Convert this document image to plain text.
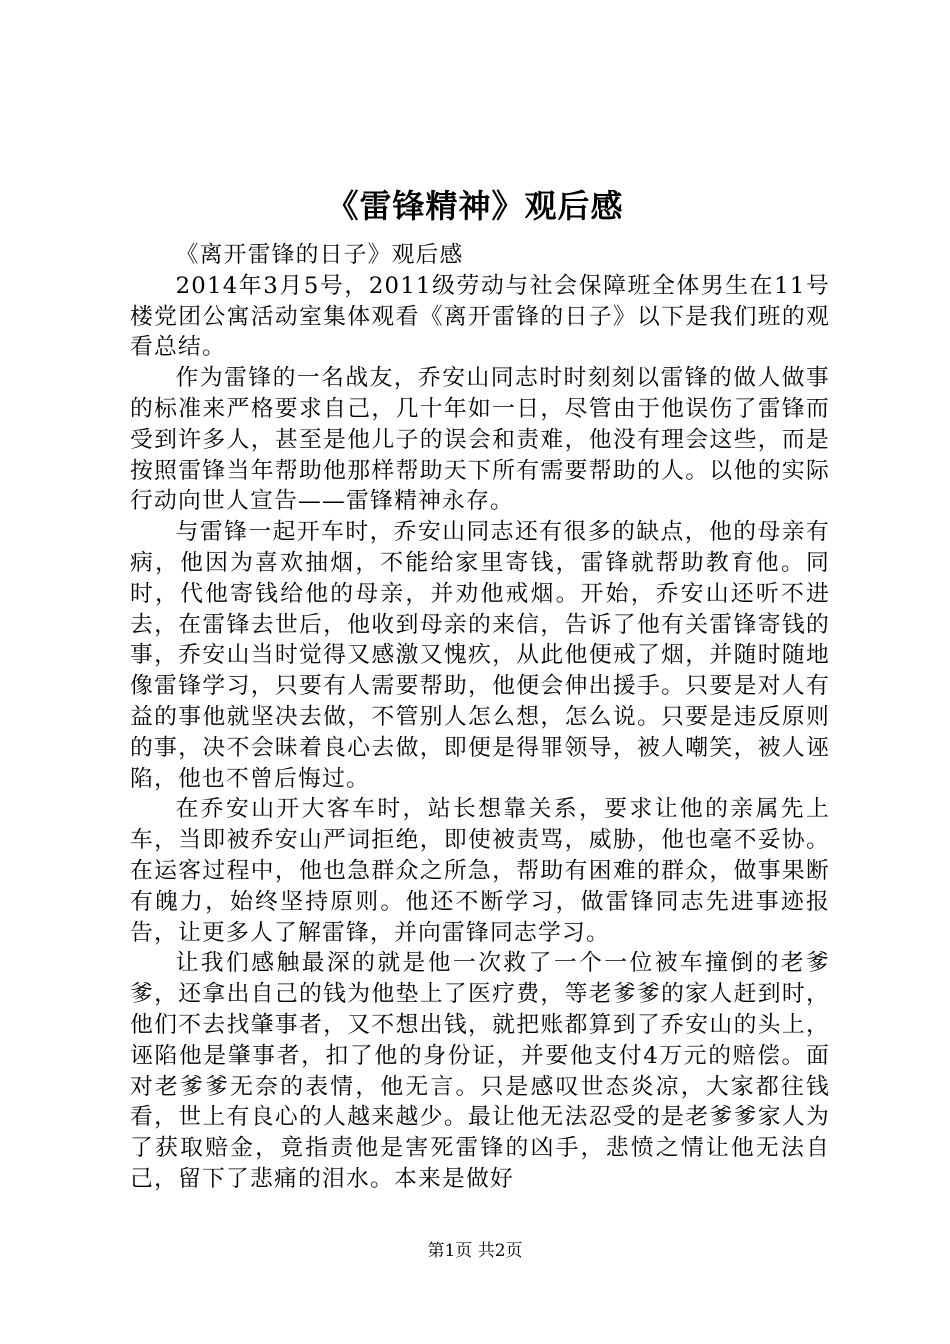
《雷锋精神》观后感

《离开雷锋的日子》观后感

2014年3月5号，2011级劳动与社会保障班全体男生在11号楼党团公寓活动室集体观看《离开雷锋的日子》以下是我们班的观看总结。

作为雷锋的一名战友，乔安山同志时时刻刻以雷锋的做人做事的标准来严格要求自己，几十年如一日，尽管由于他误伤了雷锋而受到许多人，甚至是他儿子的误会和责难，他没有理会这些，而是按照雷锋当年帮助他那样帮助天下所有需要帮助的人。以他的实际行动向世人宣告——雷锋精神永存。

与雷锋一起开车时，乔安山同志还有很多的缺点，他的母亲有病，他因为喜欢抽烟，不能给家里寄钱，雷锋就帮助教育他。同时，代他寄钱给他的母亲，并劝他戒烟。开始，乔安山还听不进去，在雷锋去世后，他收到母亲的来信，告诉了他有关雷锋寄钱的事，乔安山当时觉得又感激又愧疚，从此他便戒了烟，并随时随地像雷锋学习，只要有人需要帮助，他便会伸出援手。只要是对人有益的事他就坚决去做，不管别人怎么想，怎么说。只要是违反原则的事，决不会昧着良心去做，即便是得罪领导，被人嘲笑，被人诬陷，他也不曾后悔过。

在乔安山开大客车时，站长想靠关系，要求让他的亲属先上车，当即被乔安山严词拒绝，即使被责骂，威胁，他也毫不妥协。在运客过程中，他也急群众之所急，帮助有困难的群众，做事果断有魄力，始终坚持原则。他还不断学习，做雷锋同志先进事迹报告，让更多人了解雷锋，并向雷锋同志学习。

让我们感触最深的就是他一次救了一个一位被车撞倒的老爹爹，还拿出自己的钱为他垫上了医疗费，等老爹爹的家人赶到时，他们不去找肇事者，又不想出钱，就把账都算到了乔安山的头上，诬陷他是肇事者，扣了他的身份证，并要他支付4万元的赔偿。面对老爹爹无奈的表情，他无言。只是感叹世态炎凉，大家都往钱看，世上有良心的人越来越少。最让他无法忍受的是老爹爹家人为了获取赔金，竟指责他是害死雷锋的凶手，悲愤之情让他无法自己，留下了悲痛的泪水。本来是做好

第1页 共2页
